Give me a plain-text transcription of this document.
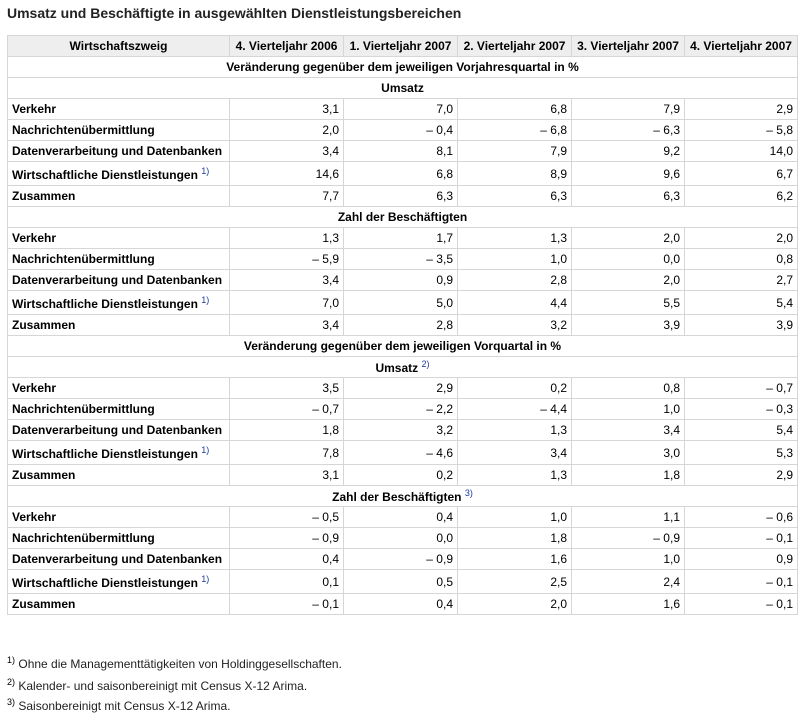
Umsatz und Beschäftigte in ausgewählten Dienstleistungsbereichen
Wirtschaftszweig	4. Vierteljahr 2006	1. Vierteljahr 2007	2. Vierteljahr 2007	3. Vierteljahr 2007	4. Vierteljahr 2007
Veränderung gegenüber dem jeweiligen Vorjahresquartal in %					
Umsatz					
Verkehr	3,1	7,0	6,8	7,9	2,9
Nachrichtenübermittlung	2,0	– 0,4	– 6,8	– 6,3	– 5,8
Datenverarbeitung und Datenbanken	3,4	8,1	7,9	9,2	14,0
Wirtschaftliche Dienstleistungen $^{1)}$	14,6	6,8	8,9	9,6	6,7
Zusammen	7,7	6,3	6,3	6,3	6,2
Zahl der Beschäftigten					
Verkehr	1,3	1,7	1,3	2,0	2,0
Nachrichtenübermittlung	– 5,9	– 3,5	1,0	0,0	0,8
Datenverarbeitung und Datenbanken	3,4	0,9	2,8	2,0	2,7
Wirtschaftliche Dienstleistungen $^{1)}$	7,0	5,0	4,4	5,5	5,4
Zusammen	3,4	2,8	3,2	3,9	3,9
Veränderung gegenüber dem jeweiligen Vorquartal in %					
Umsatz $^{2)}$
Verkehr	3,5	2,9	0,2	0,8	– 0,7
Nachrichtenübermittlung	– 0,7	– 2,2	– 4,4	1,0	– 0,3
Datenverarbeitung und Datenbanken	1,8	3,2	1,3	3,4	5,4
Wirtschaftliche Dienstleistungen $^{1)}$	7,8	– 4,6	3,4	3,0	5,3
Zusammen	3,1	0,2	1,3	1,8	2,9
Zahl der Beschäftigten $^{3)}$
Verkehr	– 0,5	0,4	1,0	1,1	– 0,6
Nachrichtenübermittlung	– 0,9	0,0	1,8	– 0,9	– 0,1
Datenverarbeitung und Datenbanken	0,4	– 0,9	1,6	1,0	0,9
Wirtschaftliche Dienstleistungen $^{1)}$	0,1	0,5	2,5	2,4	– 0,1
Zusammen	– 0,1	0,4	2,0	1,6	– 0,1
$^{1)}$ Ohne die Managementtätigkeiten von Holdinggesellschaften.
$^{2)}$ Kalender- und saisonbereinigt mit Census X-12 Arima.
$^{3)}$ Saisonbereinigt mit Census X-12 Arima.
